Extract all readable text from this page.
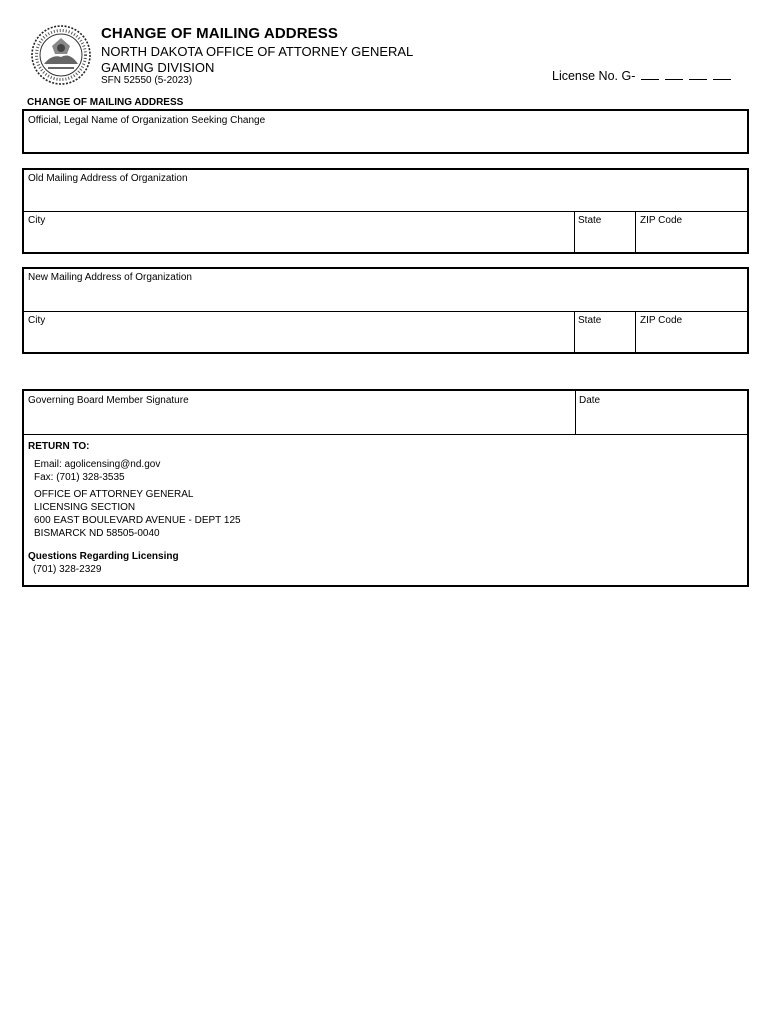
CHANGE OF MAILING ADDRESS
NORTH DAKOTA OFFICE OF ATTORNEY GENERAL
GAMING DIVISION
SFN 52550 (5-2023)	License No. G-
CHANGE OF MAILING ADDRESS
Official, Legal Name of Organization Seeking Change
Old Mailing Address of Organization
City	State	ZIP Code
New Mailing Address of Organization
City	State	ZIP Code
Governing Board Member Signature	Date
RETURN TO:
Email: agolicensing@nd.gov
Fax: (701) 328-3535
OFFICE OF ATTORNEY GENERAL
LICENSING SECTION
600 EAST BOULEVARD AVENUE - DEPT 125
BISMARCK ND 58505-0040
Questions Regarding Licensing
(701) 328-2329
